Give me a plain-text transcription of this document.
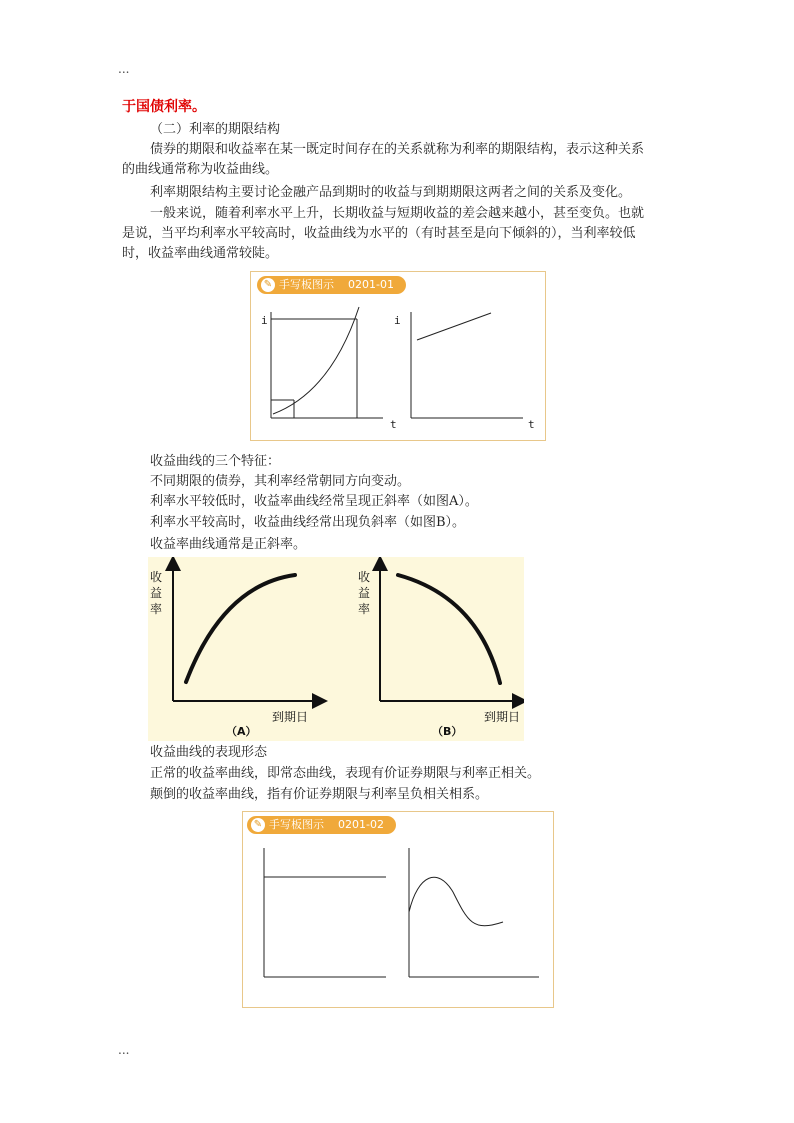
...
于国债利率。
（二）利率的期限结构
债券的期限和收益率在某一既定时间存在的关系就称为利率的期限结构，表示这种关系
的曲线通常称为收益曲线。
利率期限结构主要讨论金融产品到期时的收益与到期期限这两者之间的关系及变化。
一般来说，随着利率水平上升，长期收益与短期收益的差会越来越小，甚至变负。也就
是说，当平均利率水平较高时，收益曲线为水平的（有时甚至是向下倾斜的），当利率较低
时，收益率曲线通常较陡。
✎ 手写板图示 0201-01
i
t
i
t
收益曲线的三个特征：
不同期限的债券，其利率经常朝同方向变动。
利率水平较低时，收益率曲线经常呈现正斜率（如图A）。
利率水平较高时，收益曲线经常出现负斜率（如图B）。
收益率曲线通常是正斜率。
收
益
率
到期日
（A）
收
益
率
到期日
（B）
收益曲线的表现形态
正常的收益率曲线，即常态曲线，表现有价证券期限与利率正相关。
颠倒的收益率曲线，指有价证券期限与利率呈负相关相系。
✎ 手写板图示 0201-02
...
